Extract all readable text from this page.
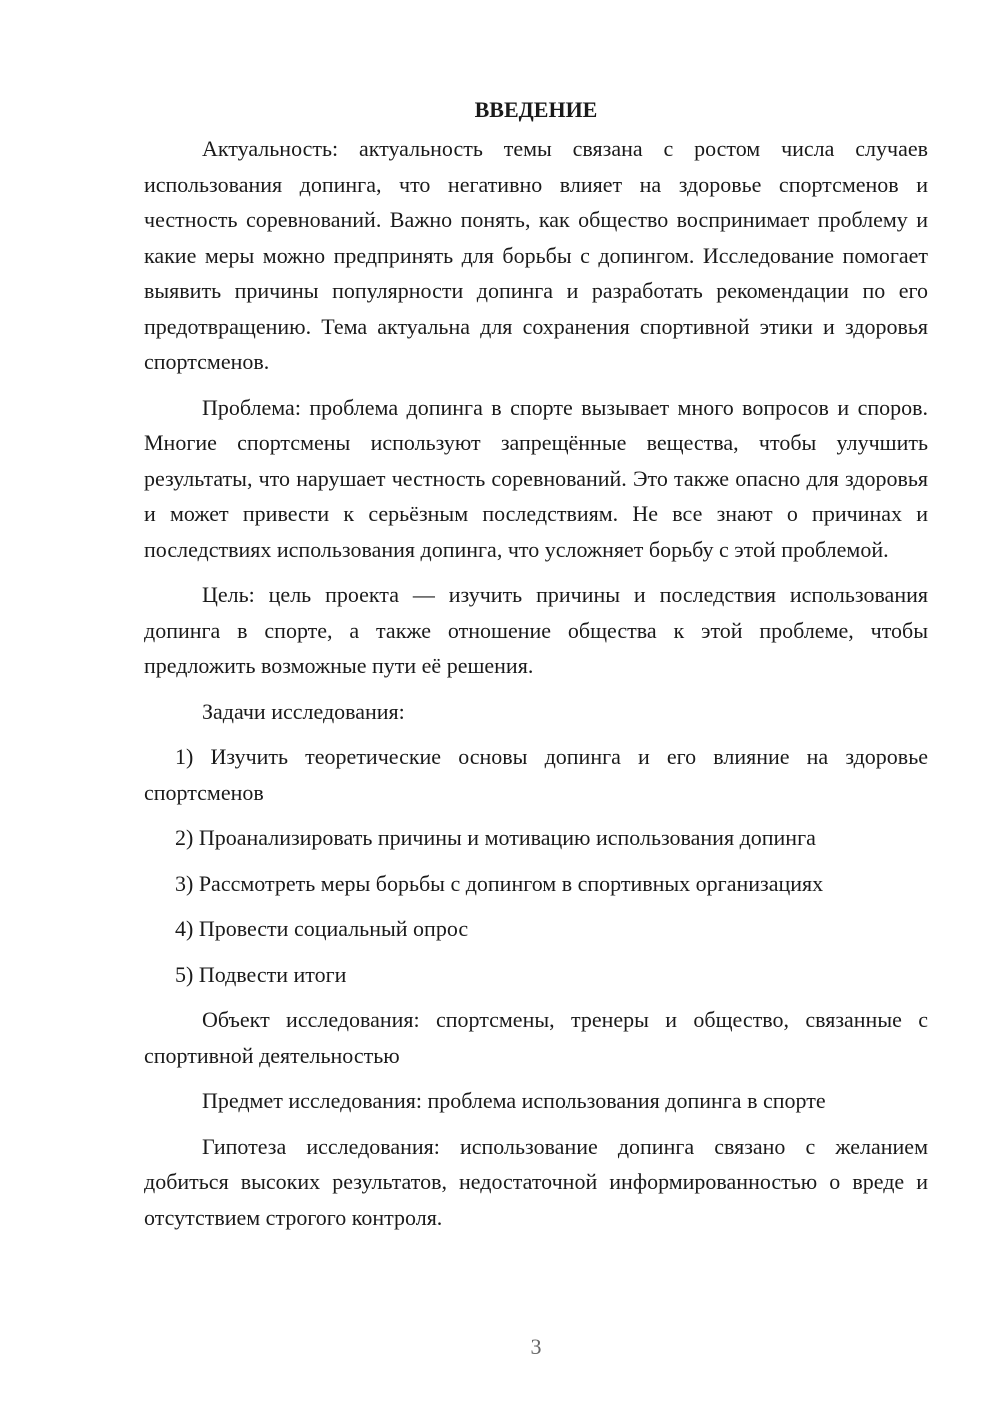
ВВЕДЕНИЕ

Актуальность: актуальность темы связана с ростом числа случаев использования допинга, что негативно влияет на здоровье спортсменов и честность соревнований. Важно понять, как общество воспринимает проблему и какие меры можно предпринять для борьбы с допингом. Исследование помогает выявить причины популярности допинга и разработать рекомендации по его предотвращению. Тема актуальна для сохранения спортивной этики и здоровья спортсменов.

Проблема: проблема допинга в спорте вызывает много вопросов и споров. Многие спортсмены используют запрещённые вещества, чтобы улучшить результаты, что нарушает честность соревнований. Это также опасно для здоровья и может привести к серьёзным последствиям. Не все знают о причинах и последствиях использования допинга, что усложняет борьбу с этой проблемой.

Цель: цель проекта — изучить причины и последствия использования допинга в спорте, а также отношение общества к этой проблеме, чтобы предложить возможные пути её решения.

Задачи исследования:

1) Изучить теоретические основы допинга и его влияние на здоровье спортсменов

2) Проанализировать причины и мотивацию использования допинга

3) Рассмотреть меры борьбы с допингом в спортивных организациях

4) Провести социальный опрос

5) Подвести итоги

Объект исследования: спортсмены, тренеры и общество, связанные с спортивной деятельностью

Предмет исследования: проблема использования допинга в спорте

Гипотеза исследования: использование допинга связано с желанием добиться высоких результатов, недостаточной информированностью о вреде и отсутствием строгого контроля.

3
